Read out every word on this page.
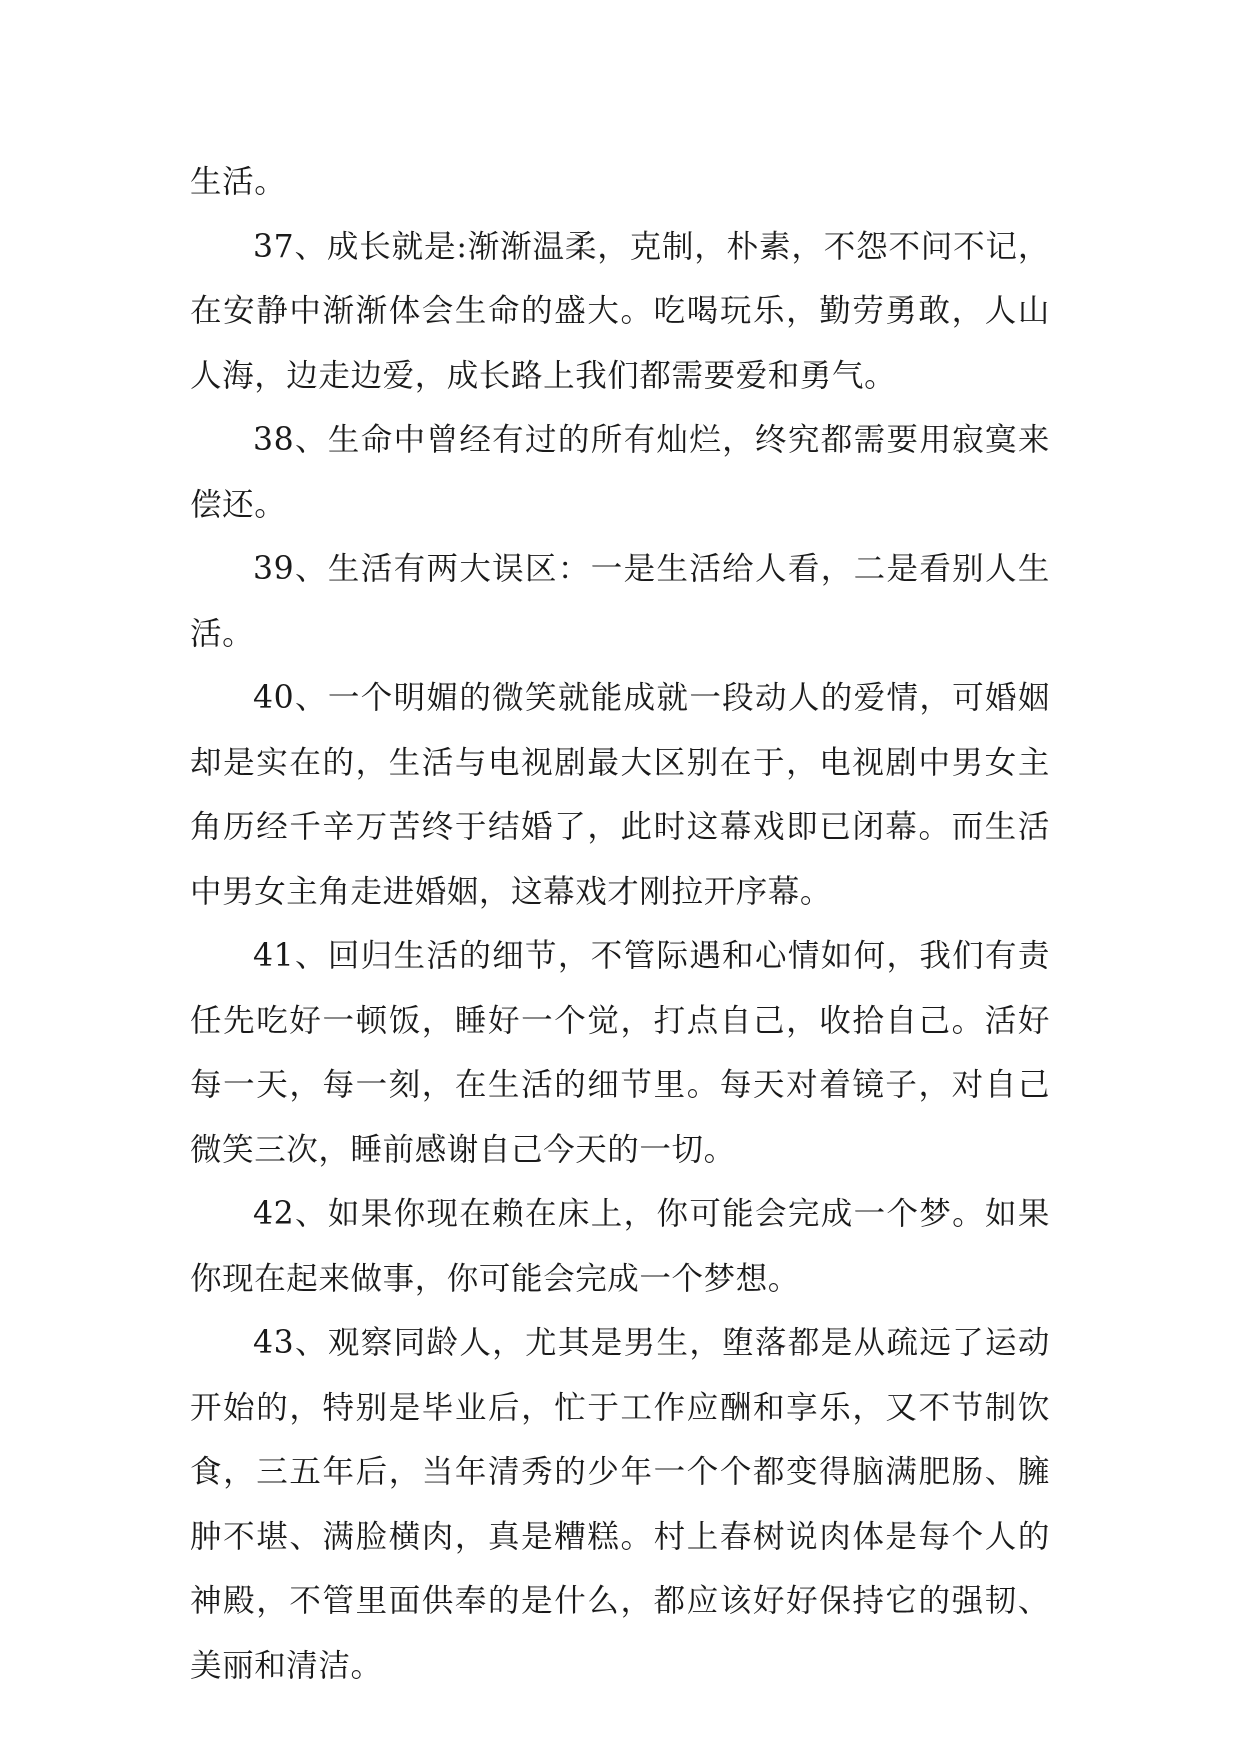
生活。

37、成长就是:渐渐温柔，克制，朴素，不怨不问不记，在安静中渐渐体会生命的盛大。吃喝玩乐，勤劳勇敢，人山人海，边走边爱，成长路上我们都需要爱和勇气。

38、生命中曾经有过的所有灿烂，终究都需要用寂寞来偿还。

39、生活有两大误区：一是生活给人看，二是看别人生活。

40、一个明媚的微笑就能成就一段动人的爱情，可婚姻却是实在的，生活与电视剧最大区别在于，电视剧中男女主角历经千辛万苦终于结婚了，此时这幕戏即已闭幕。而生活中男女主角走进婚姻，这幕戏才刚拉开序幕。

41、回归生活的细节，不管际遇和心情如何，我们有责任先吃好一顿饭，睡好一个觉，打点自己，收拾自己。活好每一天，每一刻，在生活的细节里。每天对着镜子，对自己微笑三次，睡前感谢自己今天的一切。

42、如果你现在赖在床上，你可能会完成一个梦。如果你现在起来做事，你可能会完成一个梦想。

43、观察同龄人，尤其是男生，堕落都是从疏远了运动开始的，特别是毕业后，忙于工作应酬和享乐，又不节制饮食，三五年后，当年清秀的少年一个个都变得脑满肥肠、臃肿不堪、满脸横肉，真是糟糕。村上春树说肉体是每个人的神殿，不管里面供奉的是什么，都应该好好保持它的强韧、美丽和清洁。
